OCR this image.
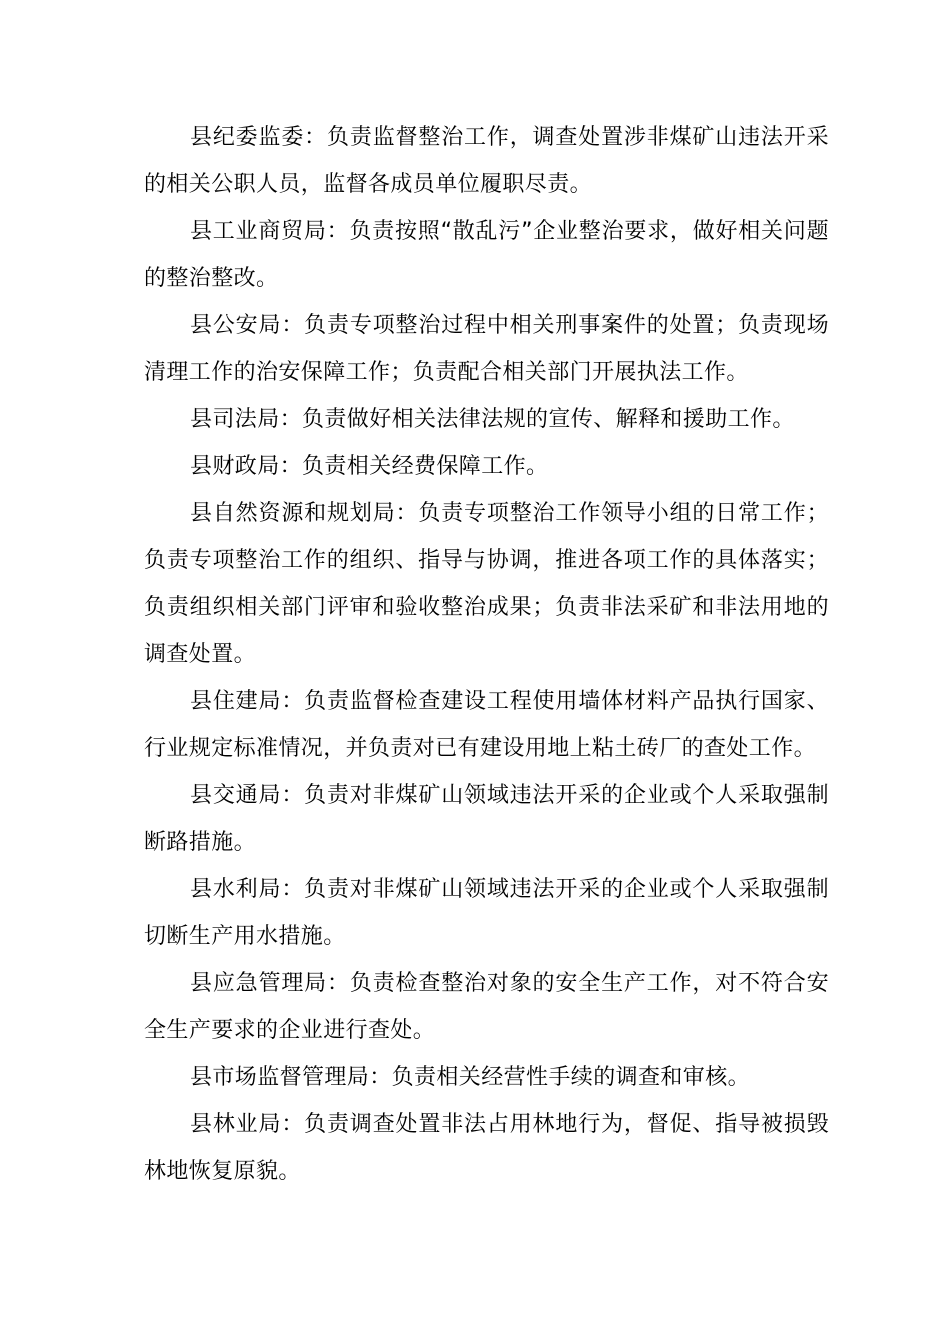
县纪委监委：负责监督整治工作，调查处置涉非煤矿山违法开采的相关公职人员，监督各成员单位履职尽责。

县工业商贸局：负责按照“散乱污”企业整治要求，做好相关问题的整治整改。

县公安局：负责专项整治过程中相关刑事案件的处置；负责现场清理工作的治安保障工作；负责配合相关部门开展执法工作。

县司法局：负责做好相关法律法规的宣传、解释和援助工作。

县财政局：负责相关经费保障工作。

县自然资源和规划局：负责专项整治工作领导小组的日常工作；负责专项整治工作的组织、指导与协调，推进各项工作的具体落实；负责组织相关部门评审和验收整治成果；负责非法采矿和非法用地的调查处置。

县住建局：负责监督检查建设工程使用墙体材料产品执行国家、行业规定标准情况，并负责对已有建设用地上粘土砖厂的查处工作。

县交通局：负责对非煤矿山领域违法开采的企业或个人采取强制断路措施。

县水利局：负责对非煤矿山领域违法开采的企业或个人采取强制切断生产用水措施。

县应急管理局：负责检查整治对象的安全生产工作，对不符合安全生产要求的企业进行查处。

县市场监督管理局：负责相关经营性手续的调查和审核。

县林业局：负责调查处置非法占用林地行为，督促、指导被损毁林地恢复原貌。
